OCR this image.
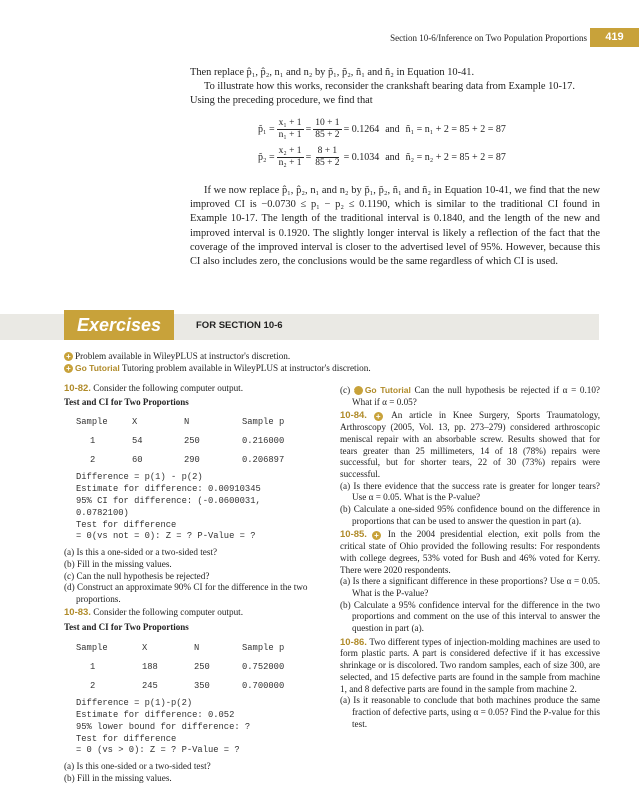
Section 10-6/Inference on Two Population Proportions	419
Then replace p̂₁, p̂₂, n₁ and n₂ by p̃₁, p̃₂, ñ₁ and ñ₂ in Equation 10-41.
To illustrate how this works, reconsider the crankshaft bearing data from Example 10-17.
Using the preceding procedure, we find that
p̃₁ = $\frac{\text{x₁ + 1}}{\text{n₁ + 1}} = \frac{10 + 1}{85 + 2} = 0.1264$ and ñ₁ = n₁ + 2 = 85 + 2 = 87
p̃₂ = $\frac{\text{x₂ + 1}}{\text{n₂ + 1}} = \frac{8 + 1}{85 + 2} = 0.1034$ and ñ₂ = n₂ + 2 = 85 + 2 = 87
If we now replace p̂₁, p̂₂, n₁ and n₂ by p̃₁, p̃₂, ñ₁ and ñ₂ in Equation 10-41, we find that the new improved CI is −0.0730 ≤ p₁ − p₂ ≤ 0.1190, which is similar to the traditional CI found in Example 10-17. The length of the traditional interval is 0.1840, and the length of the new and improved interval is 0.1920. The slightly longer interval is likely a reflection of the fact that the coverage of the improved interval is closer to the advertised level of 95%. However, because this CI also includes zero, the conclusions would be the same regardless of which CI is used.
Exercises	FOR SECTION 10-6
+ Problem available in WileyPLUS at instructor's discretion.
+ Go Tutorial Tutoring problem available in WileyPLUS at instructor's discretion.
10-82. Consider the following computer output.
Test and CI for Two Proportions
Sample	X	N	Sample p
1	54	250	0.216000
2	60	290	0.206897
Difference = p(1) - p(2)
Estimate for difference: 0.00910345
95% CI for difference: (-0.0600031,
0.0782100)
Test for difference
= 0(vs not = 0): Z = ? P-Value = ?
(a) Is this a one-sided or a two-sided test?
(b) Fill in the missing values.
(c) Can the null hypothesis be rejected?
(d) Construct an approximate 90% CI for the difference in the two proportions.
10-83. Consider the following computer output.
Test and CI for Two Proportions
Sample	X	N	Sample p
1	188	250	0.752000
2	245	350	0.700000
Difference = p(1)-p(2)
Estimate for difference: 0.052
95% lower bound for difference: ?
Test for difference
= 0 (vs > 0): Z = ? P-Value = ?
(a) Is this one-sided or a two-sided test?
(b) Fill in the missing values.
(c) + Go Tutorial Can the null hypothesis be rejected if α = 0.10? What if α = 0.05?
10-84. + An article in Knee Surgery, Sports Traumatology, Arthroscopy (2005, Vol. 13, pp. 273–279) considered arthroscopic meniscal repair with an absorbable screw. Results showed that for tears greater than 25 millimeters, 14 of 18 (78%) repairs were successful, but for shorter tears, 22 of 30 (73%) repairs were successful.
(a) Is there evidence that the success rate is greater for longer tears? Use α = 0.05. What is the P-value?
(b) Calculate a one-sided 95% confidence bound on the difference in proportions that can be used to answer the question in part (a).
10-85. + In the 2004 presidential election, exit polls from the critical state of Ohio provided the following results: For respondents with college degrees, 53% voted for Bush and 46% voted for Kerry. There were 2020 respondents.
(a) Is there a significant difference in these proportions? Use α = 0.05. What is the P-value?
(b) Calculate a 95% confidence interval for the difference in the two proportions and comment on the use of this interval to answer the question in part (a).
10-86. Two different types of injection-molding machines are used to form plastic parts. A part is considered defective if it has excessive shrinkage or is discolored. Two random samples, each of size 300, are selected, and 15 defective parts are found in the sample from machine 1, and 8 defective parts are found in the sample from machine 2.
(a) Is it reasonable to conclude that both machines produce the same fraction of defective parts, using α = 0.05? Find the P-value for this test.
